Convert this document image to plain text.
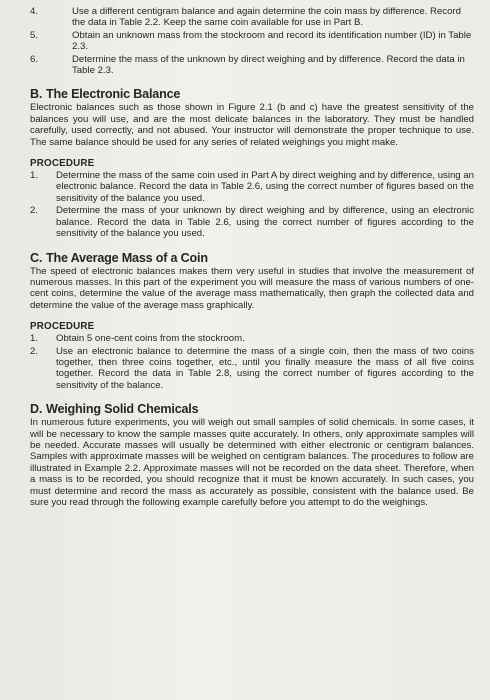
4.	Use a different centigram balance and again determine the coin mass by difference. Record the data in Table 2.2. Keep the same coin available for use in Part B.
5.	Obtain an unknown mass from the stockroom and record its identification number (ID) in Table 2.3.
6.	Determine the mass of the unknown by direct weighing and by difference. Record the data in Table 2.3.
B. The Electronic Balance

Electronic balances such as those shown in Figure 2.1 (b and c) have the greatest sensitivity of the balances you will use, and are the most delicate balances in the laboratory. They must be handled carefully, used correctly, and not abused. Your instructor will demonstrate the proper technique to use. The same balance should be used for any series of related weighings you might make.

PROCEDURE

1. Determine the mass of the same coin used in Part A by direct weighing and by difference, using an electronic balance. Record the data in Table 2.6, using the correct number of figures based on the sensitivity of the balance you used.
2. Determine the mass of your unknown by direct weighing and by difference, using an electronic balance. Record the data in Table 2.6, using the correct number of figures according to the sensitivity of the balance you used.
C. The Average Mass of a Coin

The speed of electronic balances makes them very useful in studies that involve the measurement of numerous masses. In this part of the experiment you will measure the mass of various numbers of one-cent coins, determine the value of the average mass mathematically, then graph the collected data and determine the value of the average mass graphically.

PROCEDURE

1. Obtain 5 one-cent coins from the stockroom.
2. Use an electronic balance to determine the mass of a single coin, then the mass of two coins together, then three coins together, etc., until you finally measure the mass of all five coins together. Record the data in Table 2.8, using the correct number of figures according to the sensitivity of the balance.
D. Weighing Solid Chemicals

In numerous future experiments, you will weigh out small samples of solid chemicals. In some cases, it will be necessary to know the sample masses quite accurately. In others, only approximate samples will be needed. Accurate masses will usually be determined with either electronic or centigram balances. Samples with approximate masses will be weighed on centigram balances. The procedures to follow are illustrated in Example 2.2. Approximate masses will not be recorded on the data sheet. Therefore, when a mass is to be recorded, you should recognize that it must be known accurately. In such cases, you must determine and record the mass as accurately as possible, consistent with the balance used. Be sure you read through the following example carefully before you attempt to do the weighings.
